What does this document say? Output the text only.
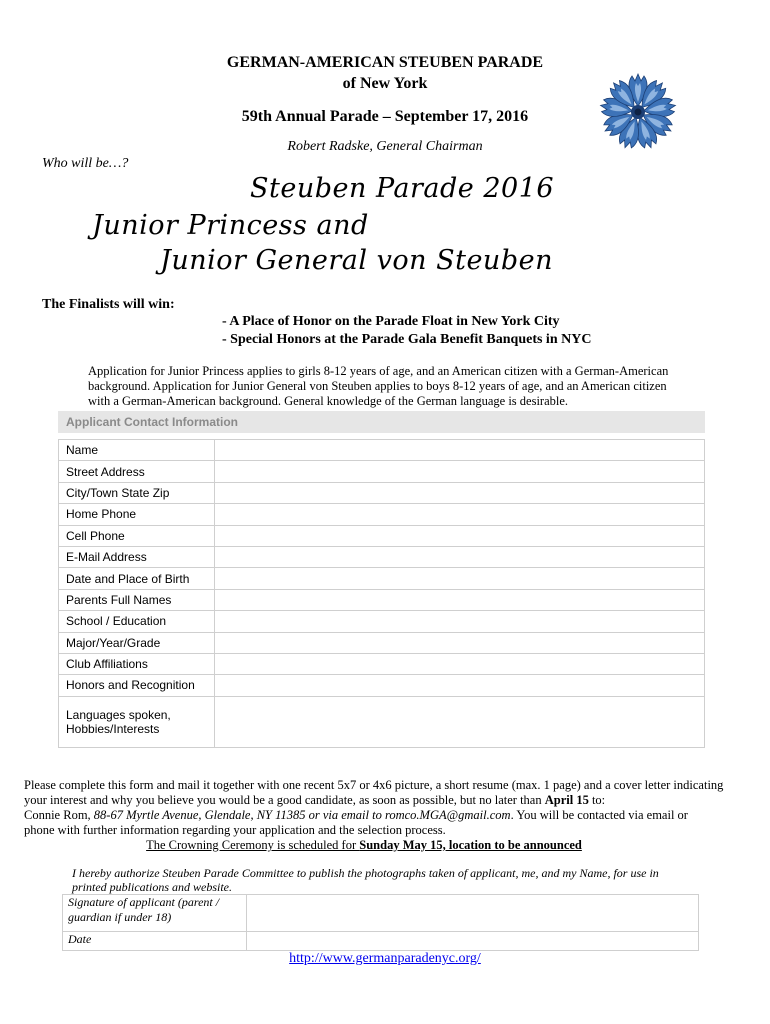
GERMAN-AMERICAN STEUBEN PARADE
of New York
59th Annual Parade – September 17, 2016
Robert Radske, General Chairman
Who will be…?
Steuben Parade 2016
Junior Princess and
Junior General von Steuben
The Finalists will win:
- A Place of Honor on the Parade Float in New York City
- Special Honors at the Parade Gala Benefit Banquets in NYC
Application for Junior Princess applies to girls 8-12 years of age, and an American citizen with a German-American
background. Application for Junior General von Steuben applies to boys 8-12 years of age, and an American citizen
with a German-American background. General knowledge of the German language is desirable.
Applicant Contact Information
Name	
Street Address	
City/Town State Zip	
Home Phone	
Cell Phone	
E-Mail Address	
Date and Place of Birth	
Parents Full Names	
School / Education	
Major/Year/Grade	
Club Affiliations	
Honors and Recognition	

Languages spoken,
Hobbies/Interests	

Please complete this form and mail it together with one recent 5x7 or 4x6 picture, a short resume (max. 1 page) and a cover letter indicating
your interest and why you believe you would be a good candidate, as soon as possible, but no later than April 15 to:
Connie Rom, 88-67 Myrtle Avenue, Glendale, NY 11385 or via email to romco.MGA@gmail.com. You will be contacted via email or
phone with further information regarding your application and the selection process.
The Crowning Ceremony is scheduled for Sunday May 15, location to be announced
I hereby authorize Steuben Parade Committee to publish the photographs taken of applicant, me, and my Name, for use in
printed publications and website.
Signature of applicant (parent /
guardian if under 18)	

Date	
http://www.germanparadenyc.org/
